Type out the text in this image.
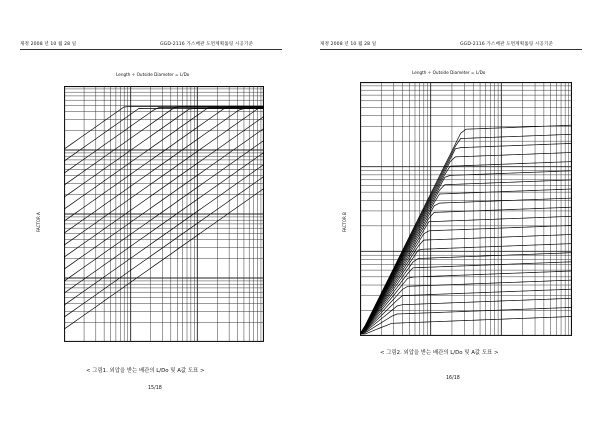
제정 2008 년 10 월 28 일	GGD-2116 가스배관 도면계획툴링 시공기준
Length ÷ Outside Diameter = L/Do
FACTOR A
< 그림1. 외압을 받는 배관의 L/Do 및 A값 도표 >
15/18
제정 2008 년 10 월 28 일	GGD-2116 가스배관 도면계획툴링 시공기준
Length ÷ Outside Diameter = L/Do
FACTOR B
< 그림2. 외압을 받는 배관의 L/Do 및 A값 도표 >
16/18
